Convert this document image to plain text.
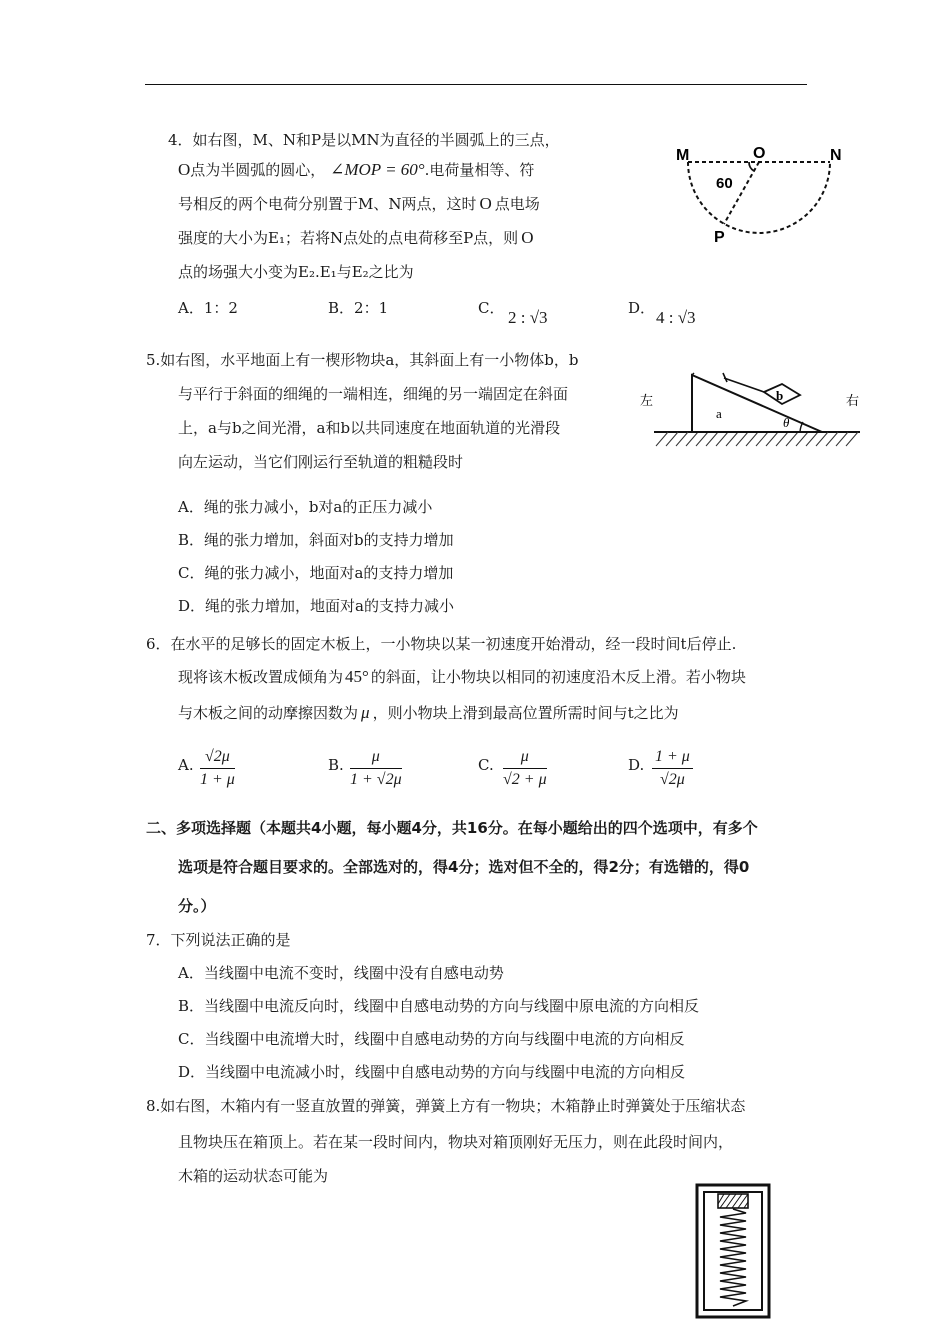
4．如右图，M、N和P是以MN为直径的半圆弧上的三点，
O点为半圆弧的圆心， ∠MOP = 60°.电荷量相等、符
号相反的两个电荷分别置于M、N两点，这时 O 点电场
强度的大小为E₁；若将N点处的点电荷移至P点，则 O
点的场强大小变为E₂.E₁与E₂之比为
A．1：2	B．2：1	C． 2 : √3	D． 4 : √3
M	O	N
P
60
5.如右图，水平地面上有一楔形物块a，其斜面上有一小物体b，b
与平行于斜面的细绳的一端相连，细绳的另一端固定在斜面
上，a与b之间光滑，a和b以共同速度在地面轨道的光滑段
向左运动，当它们刚运行至轨道的粗糙段时
A．绳的张力减小，b对a的正压力减小
B．绳的张力增加，斜面对b的支持力增加
C．绳的张力减小，地面对a的支持力增加
D．绳的张力增加，地面对a的支持力减小
左	右
a
b
θ
6．在水平的足够长的固定木板上，一小物块以某一初速度开始滑动，经一段时间t后停止.
现将该木板改置成倾角为 45° 的斜面，让小物块以相同的初速度沿木反上滑。若小物块
与木板之间的动摩擦因数为 μ ，则小物块上滑到最高位置所需时间与t之比为
A. $\frac{√2\mu}{1 + \mu}$	B. $\frac{\mu}{1 + √2\mu}$	C. $\frac{\mu}{√2 + \mu}$	D. $\frac{1 + \mu}{√2\mu}$
二、多项选择题（本题共4小题，每小题4分，共16分。在每小题给出的四个选项中，有多个
选项是符合题目要求的。全部选对的，得4分；选对但不全的，得2分；有选错的，得0
分。）
7．下列说法正确的是
A．当线圈中电流不变时，线圈中没有自感电动势
B．当线圈中电流反向时，线圈中自感电动势的方向与线圈中原电流的方向相反
C．当线圈中电流增大时，线圈中自感电动势的方向与线圈中电流的方向相反
D．当线圈中电流减小时，线圈中自感电动势的方向与线圈中电流的方向相反
8.如右图，木箱内有一竖直放置的弹簧，弹簧上方有一物块；木箱静止时弹簧处于压缩状态
且物块压在箱顶上。若在某一段时间内，物块对箱顶刚好无压力，则在此段时间内，
木箱的运动状态可能为
